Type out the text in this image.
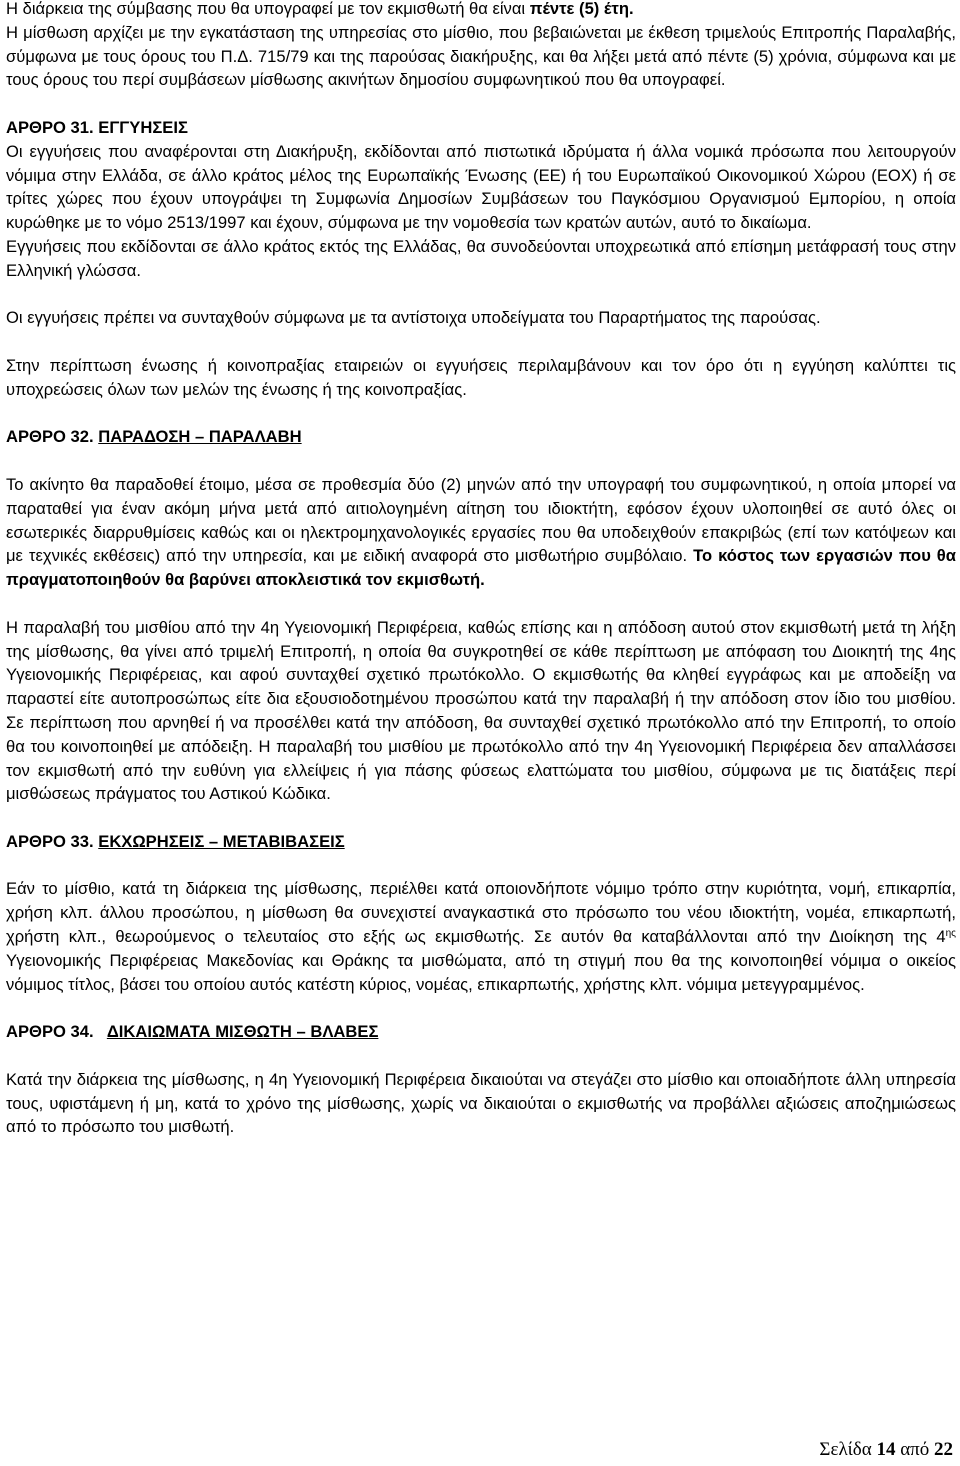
Η διάρκεια της σύμβασης που θα υπογραφεί με τον εκμισθωτή θα είναι πέντε (5) έτη.

Η μίσθωση αρχίζει με την εγκατάσταση της υπηρεσίας στο μίσθιο, που βεβαιώνεται με έκθεση τριμελούς Επιτροπής Παραλαβής, σύμφωνα με τους όρους του Π.Δ. 715/79 και της παρούσας διακήρυξης, και θα λήξει μετά από πέντε (5) χρόνια, σύμφωνα και με τους όρους του περί συμβάσεων μίσθωσης ακινήτων δημοσίου συμφωνητικού που θα υπογραφεί.

ΑΡΘΡΟ 31. ΕΓΓΥΗΣΕΙΣ

Οι εγγυήσεις που αναφέρονται στη Διακήρυξη, εκδίδονται από πιστωτικά ιδρύματα ή άλλα νομικά πρόσωπα που λειτουργούν νόμιμα στην Ελλάδα, σε άλλο κράτος μέλος της Ευρωπαϊκής Ένωσης (ΕΕ) ή του Ευρωπαϊκού Οικονομικού Χώρου (ΕΟΧ) ή σε τρίτες χώρες που έχουν υπογράψει τη Συμφωνία Δημοσίων Συμβάσεων του Παγκόσμιου Οργανισμού Εμπορίου, η οποία κυρώθηκε με το νόμο 2513/1997 και έχουν, σύμφωνα με την νομοθεσία των κρατών αυτών, αυτό το δικαίωμα.

Εγγυήσεις που εκδίδονται σε άλλο κράτος εκτός της Ελλάδας, θα συνοδεύονται υποχρεωτικά από επίσημη μετάφρασή τους στην Ελληνική γλώσσα.

Οι εγγυήσεις πρέπει να συνταχθούν σύμφωνα με τα αντίστοιχα υποδείγματα του Παραρτήματος της παρούσας.

Στην περίπτωση ένωσης ή κοινοπραξίας εταιρειών οι εγγυήσεις περιλαμβάνουν και τον όρο ότι η εγγύηση καλύπτει τις υποχρεώσεις όλων των μελών της ένωσης ή της κοινοπραξίας.

ΑΡΘΡΟ 32. ΠΑΡΑΔΟΣΗ – ΠΑΡΑΛΑΒΗ

Το ακίνητο θα παραδοθεί έτοιμο, μέσα σε προθεσμία δύο (2) μηνών από την υπογραφή του συμφωνητικού, η οποία μπορεί να παραταθεί για έναν ακόμη μήνα μετά από αιτιολογημένη αίτηση του ιδιοκτήτη, εφόσον έχουν υλοποιηθεί σε αυτό όλες οι εσωτερικές διαρρυθμίσεις καθώς και οι ηλεκτρομηχανολογικές εργασίες που θα υποδειχθούν επακριβώς (επί των κατόψεων και με τεχνικές εκθέσεις) από την υπηρεσία, και με ειδική αναφορά στο μισθωτήριο συμβόλαιο. Το κόστος των εργασιών που θα πραγματοποιηθούν θα βαρύνει αποκλειστικά τον εκμισθωτή.

Η παραλαβή του μισθίου από την 4η Υγειονομική Περιφέρεια, καθώς επίσης και η απόδοση αυτού στον εκμισθωτή μετά τη λήξη της μίσθωσης, θα γίνει από τριμελή Επιτροπή, η οποία θα συγκροτηθεί σε κάθε περίπτωση με απόφαση του Διοικητή της 4ης Υγειονομικής Περιφέρειας, και αφού συνταχθεί σχετικό πρωτόκολλο. Ο εκμισθωτής θα κληθεί εγγράφως και με αποδείξη να παραστεί είτε αυτοπροσώπως είτε δια εξουσιοδοτημένου προσώπου κατά την παραλαβή ή την απόδοση στον ίδιο του μισθίου. Σε περίπτωση που αρνηθεί ή να προσέλθει κατά την απόδοση, θα συνταχθεί σχετικό πρωτόκολλο από την Επιτροπή, το οποίο θα του κοινοποιηθεί με απόδειξη. Η παραλαβή του μισθίου με πρωτόκολλο από την 4η Υγειονομική Περιφέρεια δεν απαλλάσσει τον εκμισθωτή από την ευθύνη για ελλείψεις ή για πάσης φύσεως ελαττώματα του μισθίου, σύμφωνα με τις διατάξεις περί μισθώσεως πράγματος του Αστικού Κώδικα.

ΑΡΘΡΟ 33. ΕΚΧΩΡΗΣΕΙΣ – ΜΕΤΑΒΙΒΑΣΕΙΣ

Εάν το μίσθιο, κατά τη διάρκεια της μίσθωσης, περιέλθει κατά οποιονδήποτε νόμιμο τρόπο στην κυριότητα, νομή, επικαρπία, χρήση κλπ. άλλου προσώπου, η μίσθωση θα συνεχιστεί αναγκαστικά στο πρόσωπο του νέου ιδιοκτήτη, νομέα, επικαρπωτή, χρήστη κλπ., θεωρούμενος ο τελευταίος στο εξής ως εκμισθωτής. Σε αυτόν θα καταβάλλονται από την Διοίκηση της $4^{\eta\varsigma}$ Υγειονομικής Περιφέρειας Μακεδονίας και Θράκης τα μισθώματα, από τη στιγμή που θα της κοινοποιηθεί νόμιμα ο οικείος νόμιμος τίτλος, βάσει του οποίου αυτός κατέστη κύριος, νομέας, επικαρπωτής, χρήστης κλπ. νόμιμα μετεγγραμμένος.

ΑΡΘΡΟ 34. ΔΙΚΑΙΩΜΑΤΑ ΜΙΣΘΩΤΗ – ΒΛΑΒΕΣ

Κατά την διάρκεια της μίσθωσης, η 4η Υγειονομική Περιφέρεια δικαιούται να στεγάζει στο μίσθιο και οποιαδήποτε άλλη υπηρεσία τους, υφιστάμενη ή μη, κατά το χρόνο της μίσθωσης, χωρίς να δικαιούται ο εκμισθωτής να προβάλλει αξιώσεις αποζημιώσεως από το πρόσωπο του μισθωτή.

Σελίδα 14 από 22
